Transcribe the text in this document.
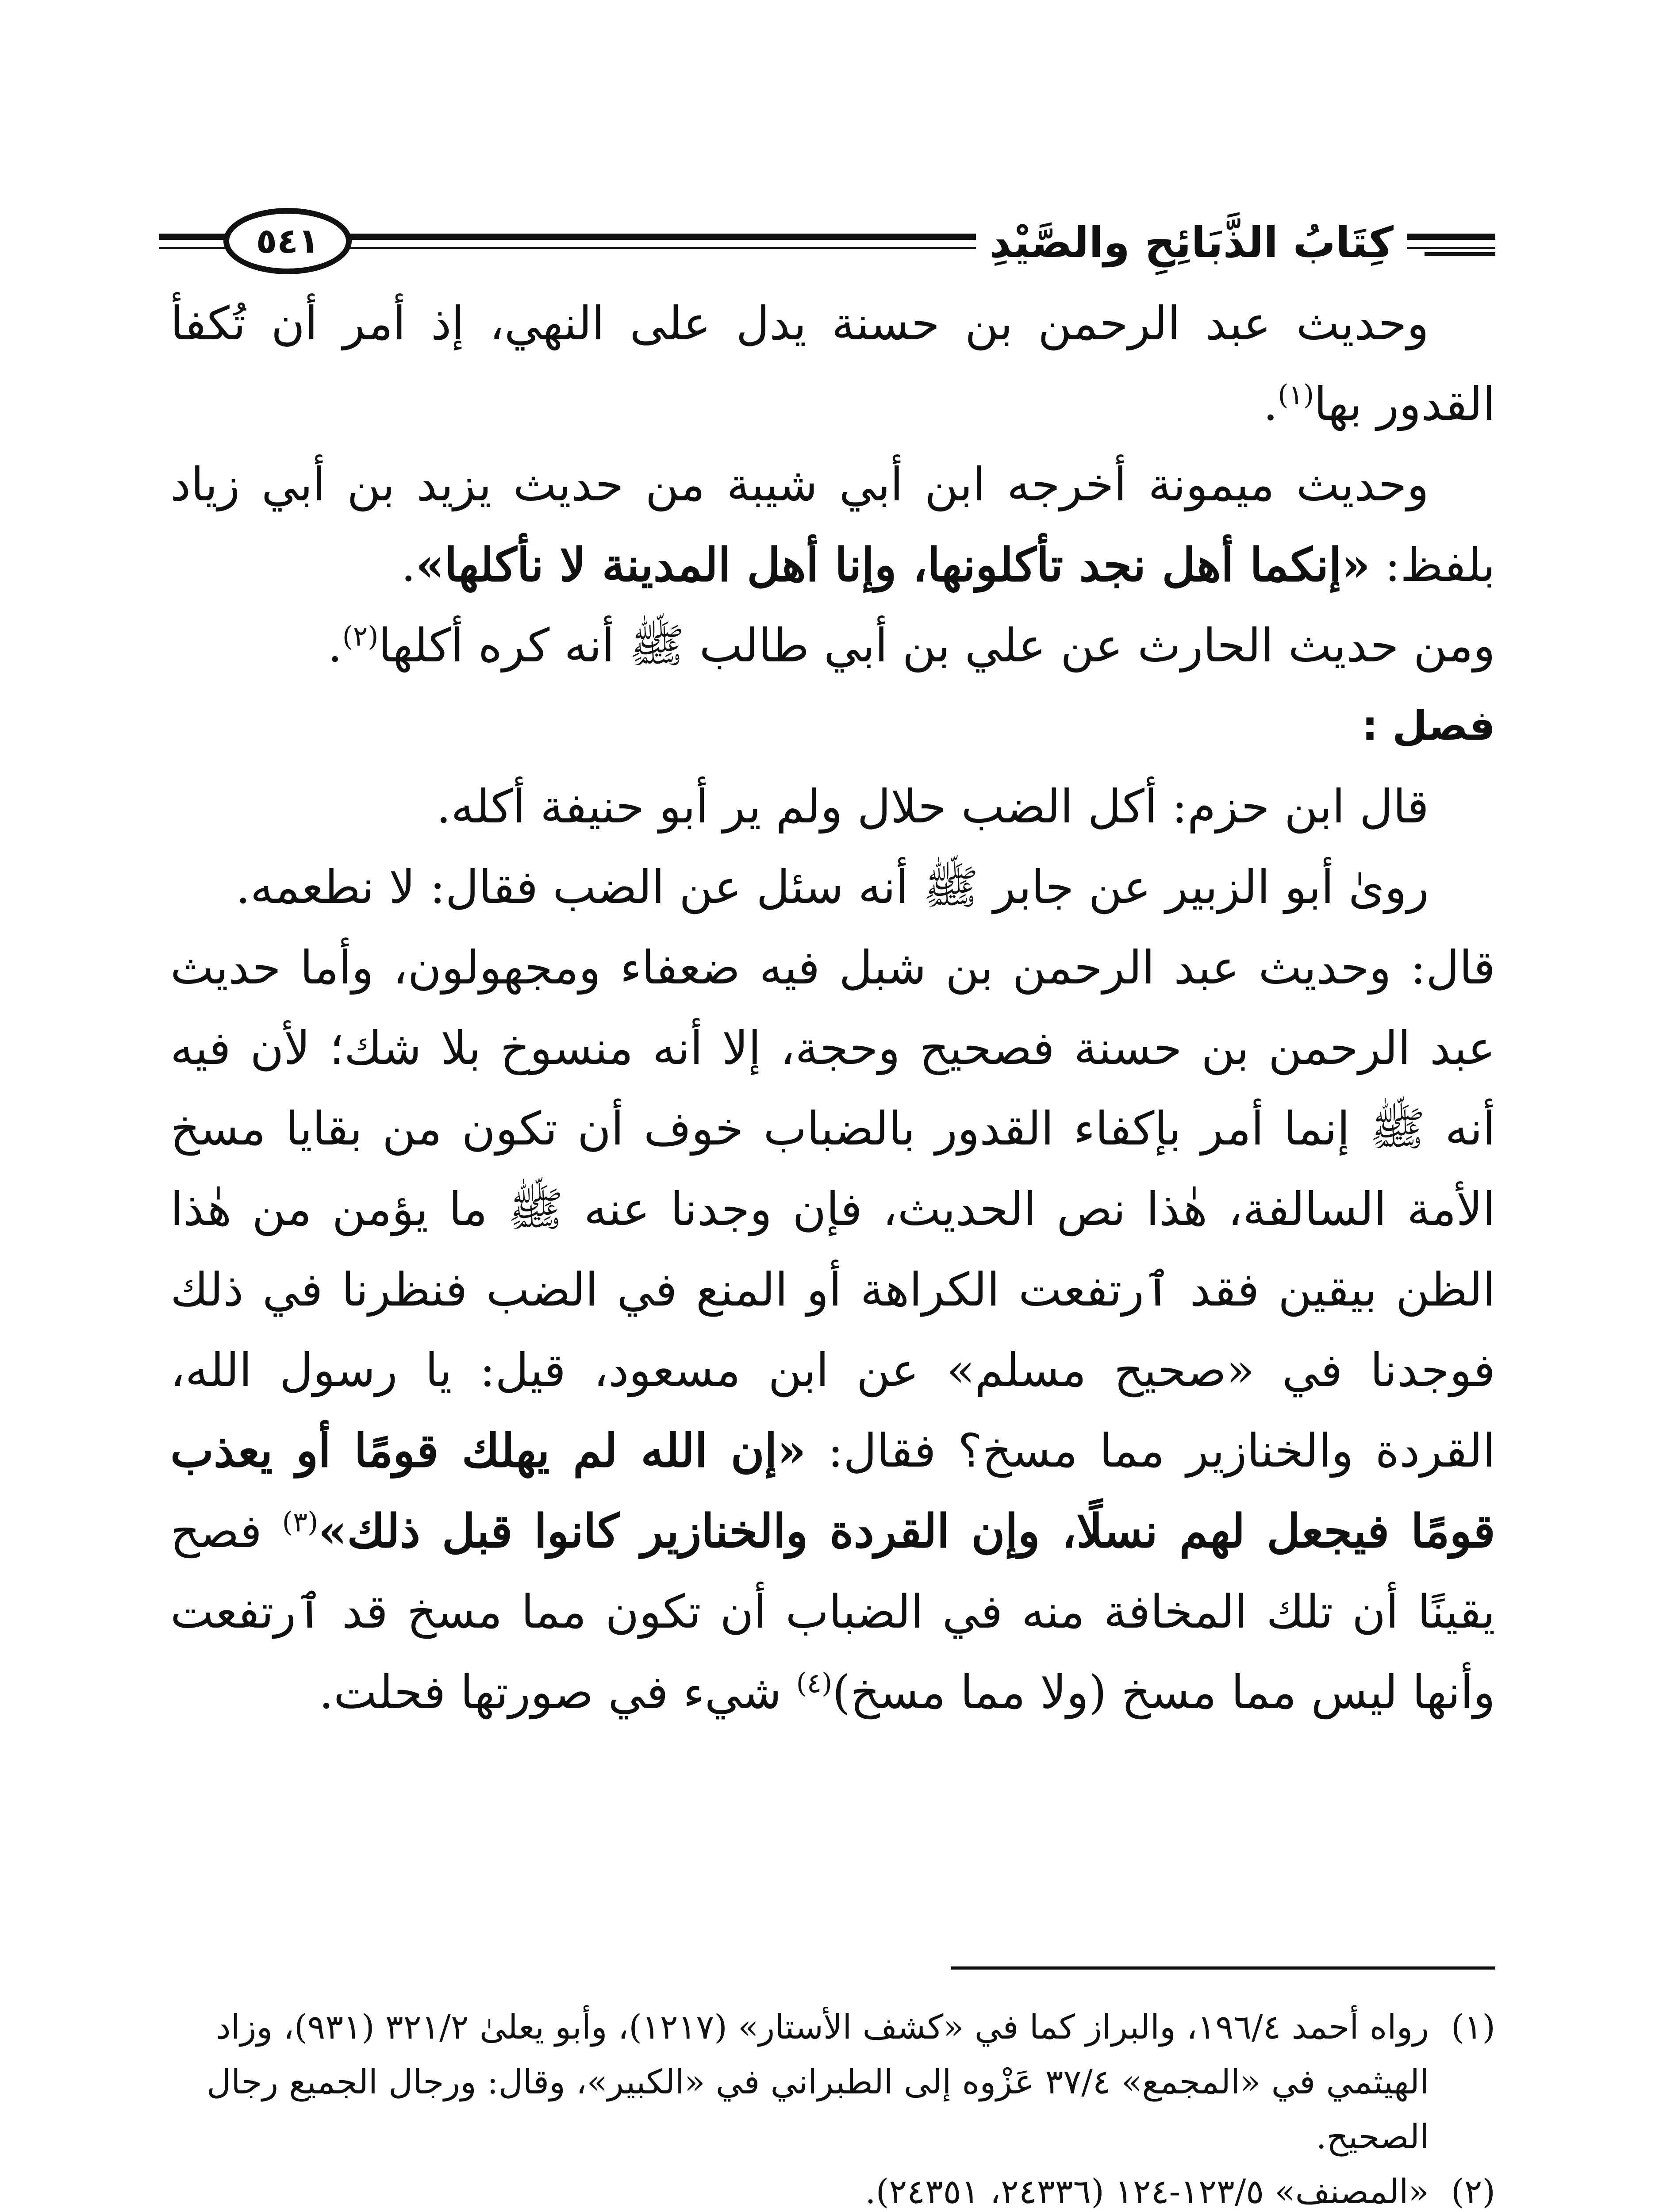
كِتَابُ الذَّبَائِحِ والصَّيْدِ
٥٤١

وحديث عبد الرحمن بن حسنة يدل على النهي، إذ أمر أن تُكفأ القدور بها$^{(١)}$.

وحديث ميمونة أخرجه ابن أبي شيبة من حديث يزيد بن أبي زياد بلفظ: «إنكما أهل نجد تأكلونها، وإنا أهل المدينة لا نأكلها».

ومن حديث الحارث عن علي بن أبي طالب ﷺ أنه كره أكلها$^{(٢)}$.

فصل :

قال ابن حزم: أكل الضب حلال ولم ير أبو حنيفة أكله.

رویٰ أبو الزبير عن جابر ﷺ أنه سئل عن الضب فقال: لا نطعمه.

قال: وحديث عبد الرحمن بن شبل فيه ضعفاء ومجهولون، وأما حديث عبد الرحمن بن حسنة فصحيح وحجة، إلا أنه منسوخ بلا شك؛ لأن فيه أنه ﷺ إنما أمر بإكفاء القدور بالضباب خوف أن تكون من بقايا مسخ الأمة السالفة، هٰذا نص الحديث، فإن وجدنا عنه ﷺ ما يؤمن من هٰذا الظن بيقين فقد ٱرتفعت الكراهة أو المنع في الضب فنظرنا في ذلك فوجدنا في «صحيح مسلم» عن ابن مسعود، قيل: يا رسول الله، القردة والخنازير مما مسخ؟ فقال: «إن الله لم يهلك قومًا أو يعذب قومًا فيجعل لهم نسلًا، وإن القردة والخنازير كانوا قبل ذلك»$^{(٣)}$ فصح يقينًا أن تلك المخافة منه في الضباب أن تكون مما مسخ قد ٱرتفعت وأنها ليس مما مسخ (ولا مما مسخ)$^{(٤)}$ شيء في صورتها فحلت.

(١)
رواه أحمد ١٩٦/٤، والبراز كما في «كشف الأستار» (١٢١٧)، وأبو يعلىٰ ٣٢١/٢ (٩٣١)، وزاد الهيثمي في «المجمع» ٣٧/٤ عَزْوه إلى الطبراني في «الكبير»، وقال: ورجال الجميع رجال الصحيح.

(٢)
«المصنف» ١٢٣/٥-١٢٤ (٢٤٣٣٦، ٢٤٣٥١).
